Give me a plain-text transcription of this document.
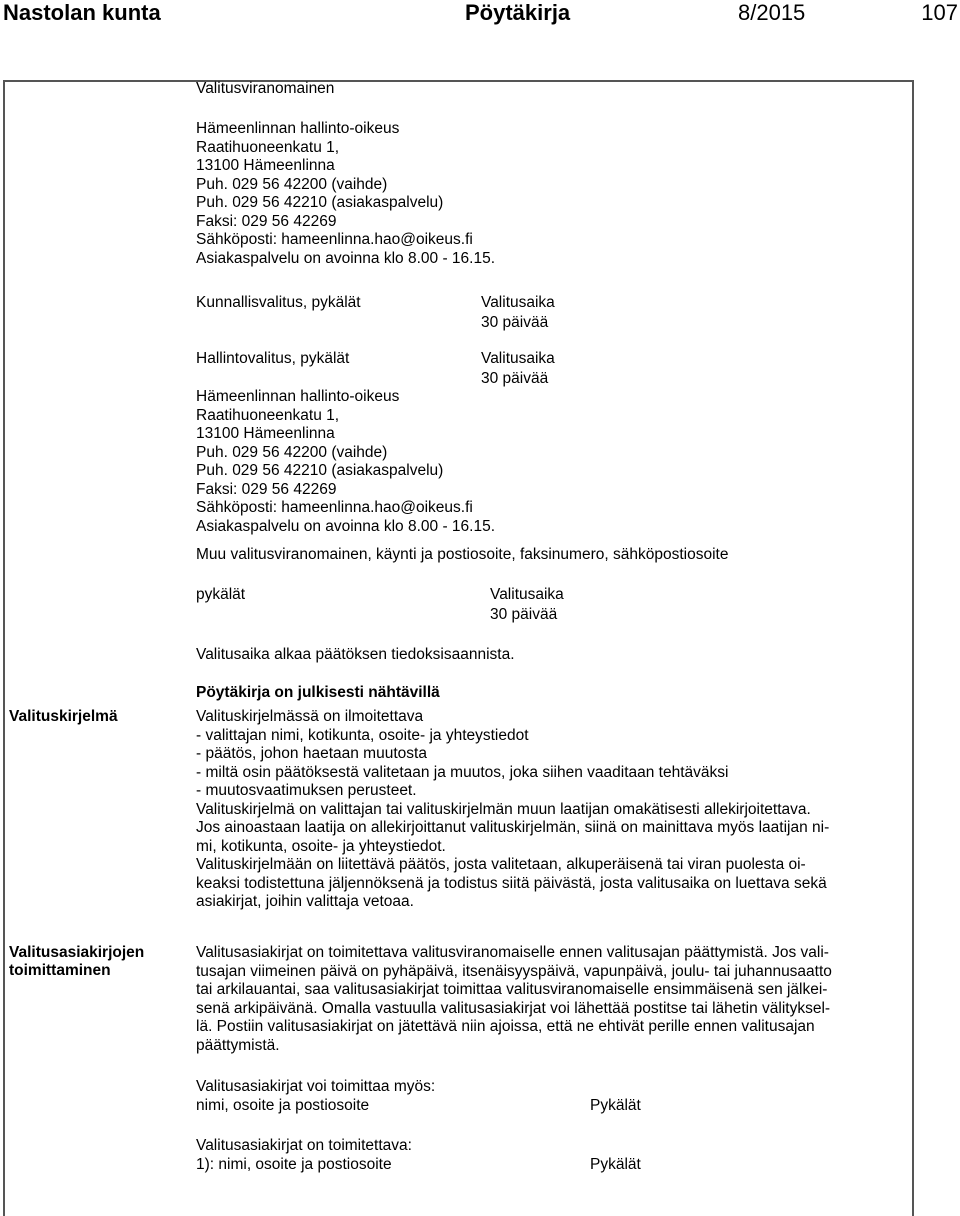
Nastolan kunta	Pöytäkirja	8/2015	107
Valitusviranomainen
Hämeenlinnan hallinto-oikeus
Raatihuoneenkatu 1,
13100 Hämeenlinna
Puh. 029 56 42200 (vaihde)
Puh. 029 56 42210 (asiakaspalvelu)
Faksi: 029 56 42269
Sähköposti: hameenlinna.hao@oikeus.fi
Asiakaspalvelu on avoinna klo 8.00 - 16.15.
Kunnallisvalitus, pykälät	Valitusaika
30 päivää
Hallintovalitus, pykälät	Valitusaika
30 päivää
Hämeenlinnan hallinto-oikeus
Raatihuoneenkatu 1,
13100 Hämeenlinna
Puh. 029 56 42200 (vaihde)
Puh. 029 56 42210 (asiakaspalvelu)
Faksi: 029 56 42269
Sähköposti: hameenlinna.hao@oikeus.fi
Asiakaspalvelu on avoinna klo 8.00 - 16.15.
Muu valitusviranomainen, käynti ja postiosoite, faksinumero, sähköpostiosoite
pykälät	Valitusaika
30 päivää
Valitusaika alkaa päätöksen tiedoksisaannista.
Pöytäkirja on julkisesti nähtävillä
Valituskirjelmä	Valituskirjelmässä on ilmoitettava
- valittajan nimi, kotikunta, osoite- ja yhteystiedot
- päätös, johon haetaan muutosta
- miltä osin päätöksestä valitetaan ja muutos, joka siihen vaaditaan tehtäväksi
- muutosvaatimuksen perusteet.
Valituskirjelmä on valittajan tai valituskirjelmän muun laatijan omakätisesti allekirjoitettava.
Jos ainoastaan laatija on allekirjoittanut valituskirjelmän, siinä on mainittava myös laatijan ni-
mi, kotikunta, osoite- ja yhteystiedot.
Valituskirjelmään on liitettävä päätös, josta valitetaan, alkuperäisenä tai viran puolesta oi-
keaksi todistettuna jäljennöksenä ja todistus siitä päivästä, josta valitusaika on luettava sekä
asiakirjat, joihin valittaja vetoaa.
Valitusasiakirjojen
toimittaminen
Valitusasiakirjat on toimitettava valitusviranomaiselle ennen valitusajan päättymistä. Jos vali-
tusajan viimeinen päivä on pyhäpäivä, itsenäisyyspäivä, vapunpäivä, joulu- tai juhannusaatto
tai arkilauantai, saa valitusasiakirjat toimittaa valitusviranomaiselle ensimmäisenä sen jälkei-
senä arkipäivänä. Omalla vastuulla valitusasiakirjat voi lähettää postitse tai lähetin välityksel-
lä. Postiin valitusasiakirjat on jätettävä niin ajoissa, että ne ehtivät perille ennen valitusajan
päättymistä.
Valitusasiakirjat voi toimittaa myös:
nimi, osoite ja postiosoite	Pykälät
Valitusasiakirjat on toimitettava:
1): nimi, osoite ja postiosoite	Pykälät
